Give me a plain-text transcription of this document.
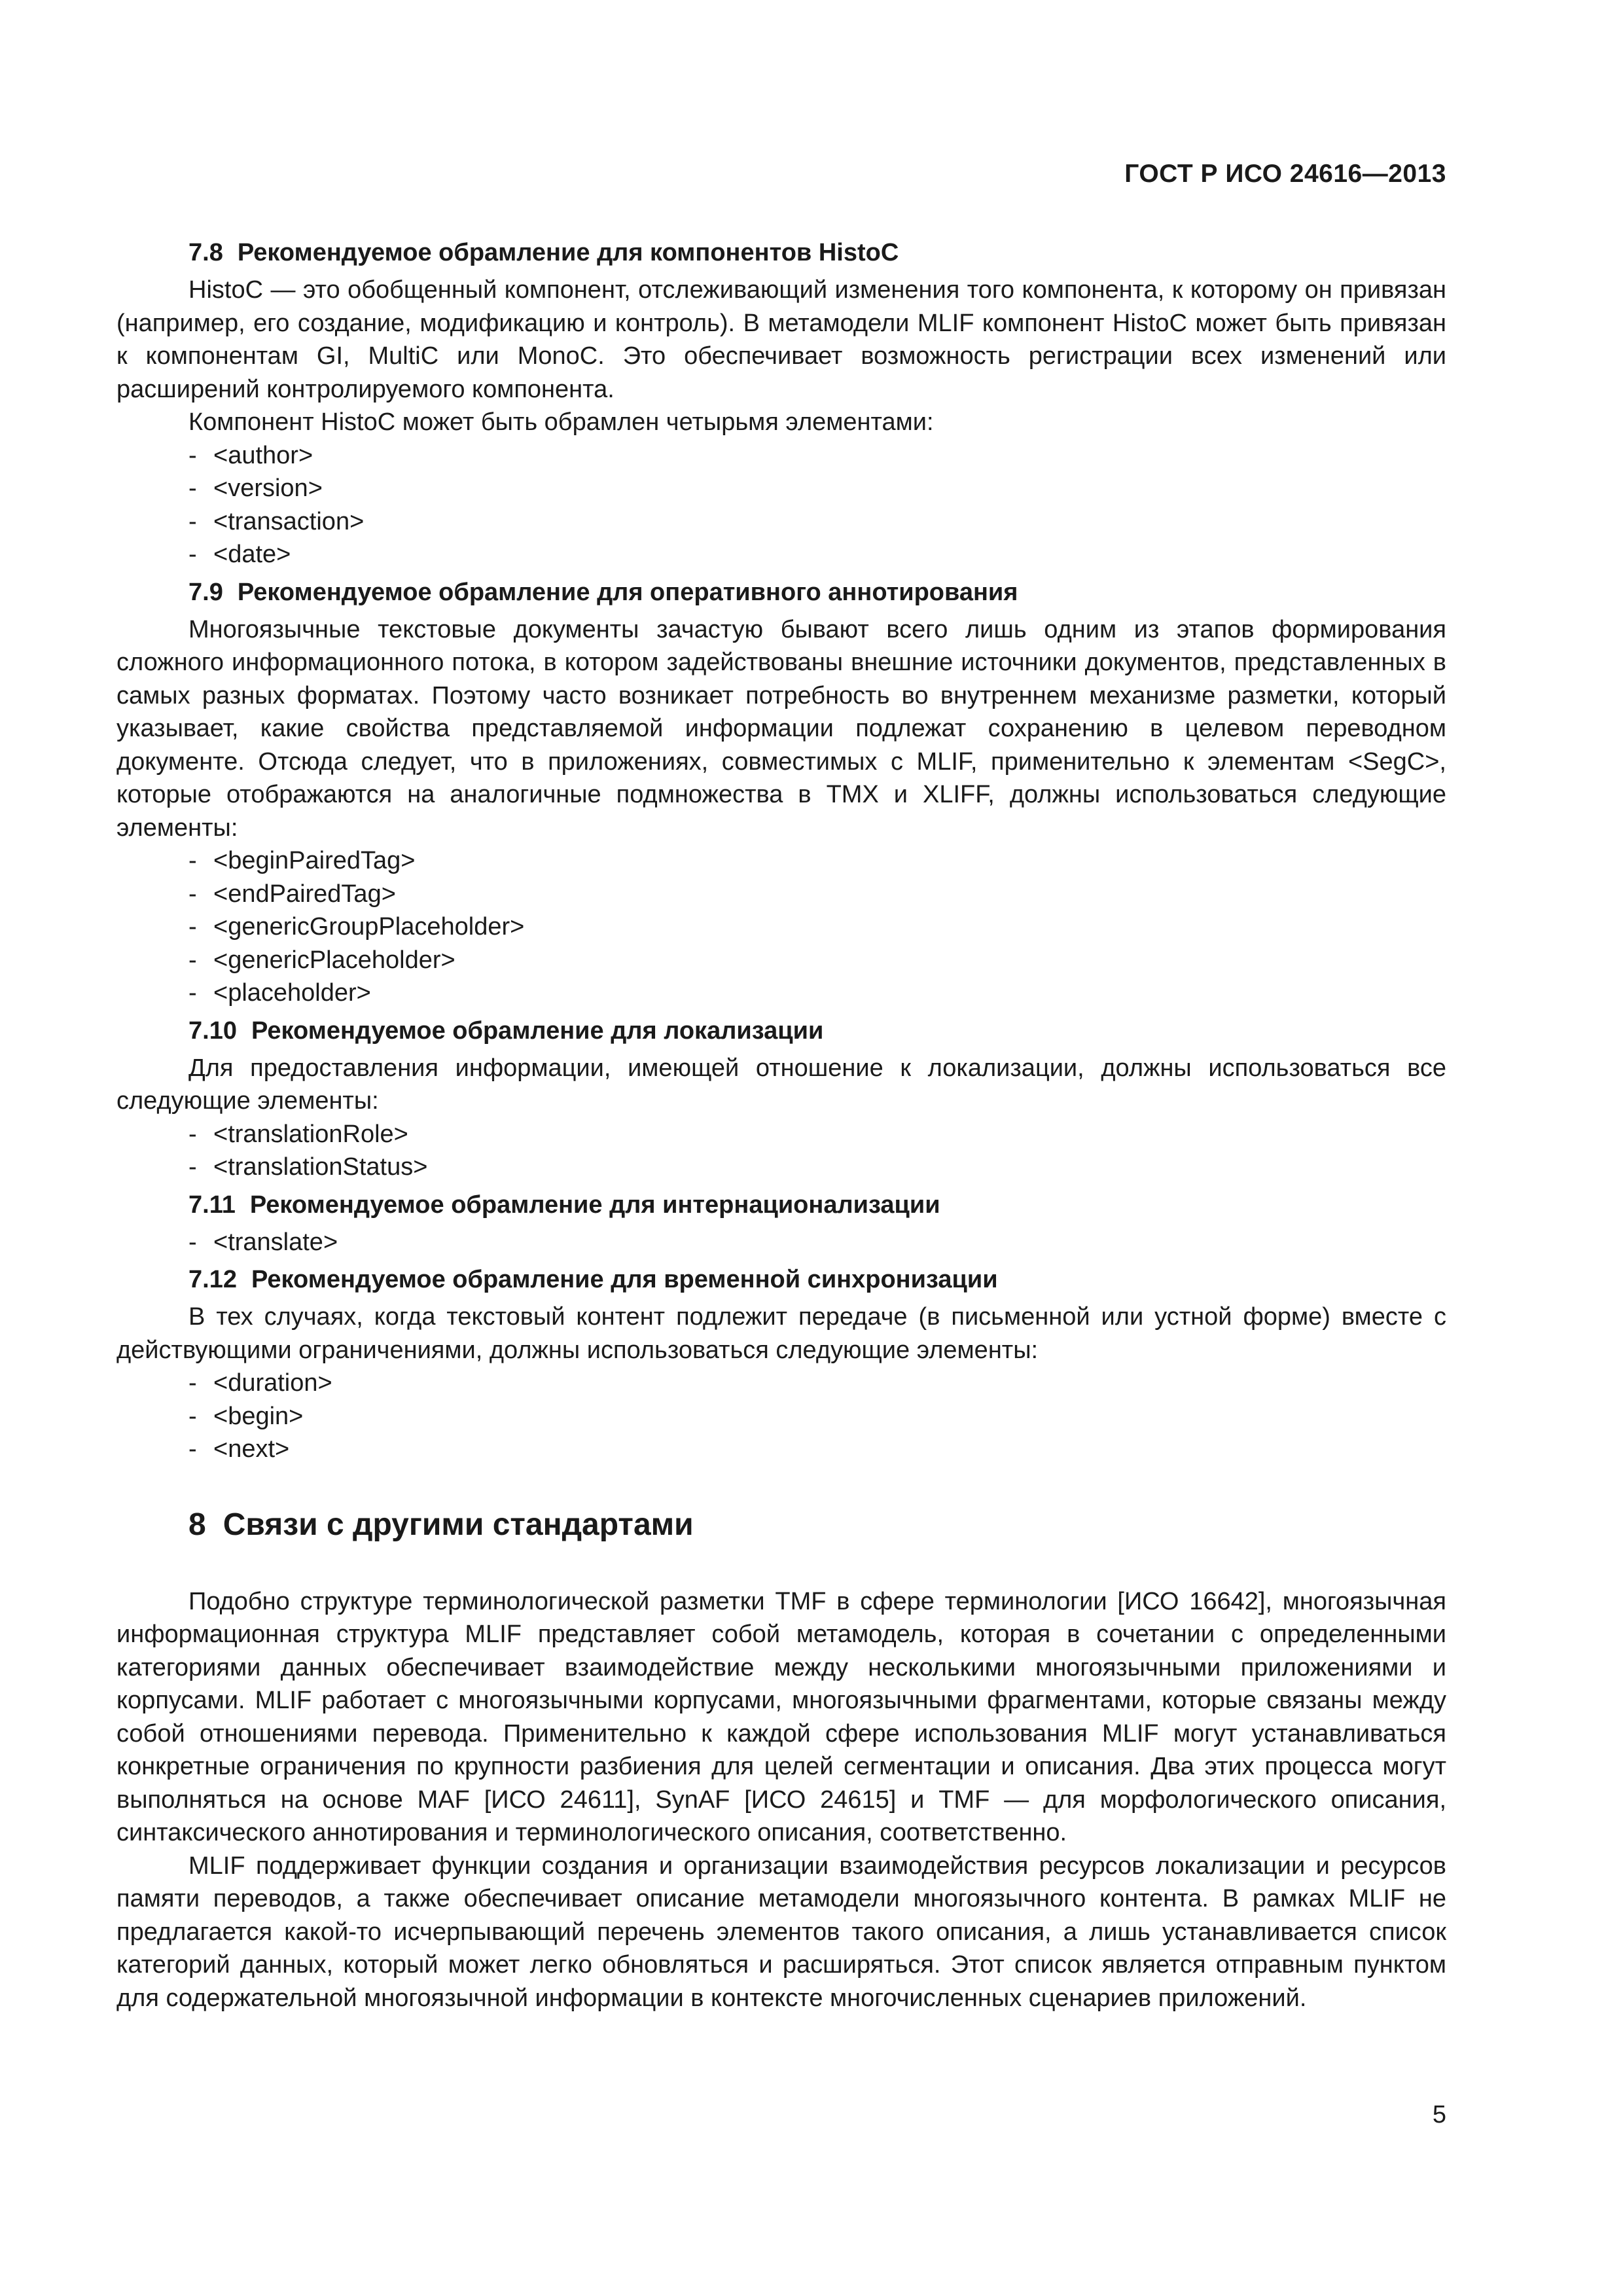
ГОСТ Р ИСО 24616—2013
7.8 Рекомендуемое обрамление для компонентов HistoC

HistoC — это обобщенный компонент, отслеживающий изменения того компонента, к которому он привязан (например, его создание, модификацию и контроль). В метамодели MLIF компонент HistoC может быть привязан к компонентам GI, MultiC или MonoC. Это обеспечивает возможность регистрации всех изменений или расширений контролируемого компонента.

Компонент HistoC может быть обрамлен четырьмя элементами:

- <author>
- <version>
- <transaction>
- <date>
7.9 Рекомендуемое обрамление для оперативного аннотирования

Многоязычные текстовые документы зачастую бывают всего лишь одним из этапов формирования сложного информационного потока, в котором задействованы внешние источники документов, представленных в самых разных форматах. Поэтому часто возникает потребность во внутреннем механизме разметки, который указывает, какие свойства представляемой информации подлежат сохранению в целевом переводном документе. Отсюда следует, что в приложениях, совместимых с MLIF, применительно к элементам <SegC>, которые отображаются на аналогичные подмножества в TMX и XLIFF, должны использоваться следующие элементы:

- <beginPairedTag>
- <endPairedTag>
- <genericGroupPlaceholder>
- <genericPlaceholder>
- <placeholder>
7.10 Рекомендуемое обрамление для локализации

Для предоставления информации, имеющей отношение к локализации, должны использоваться все следующие элементы:

- <translationRole>
- <translationStatus>
7.11 Рекомендуемое обрамление для интернационализации
- <translate>
7.12 Рекомендуемое обрамление для временной синхронизации

В тех случаях, когда текстовый контент подлежит передаче (в письменной или устной форме) вместе с действующими ограничениями, должны использоваться следующие элементы:

- <duration>
- <begin>
- <next>
8 Связи с другими стандартами

Подобно структуре терминологической разметки TMF в сфере терминологии [ИСО 16642], многоязычная информационная структура MLIF представляет собой метамодель, которая в сочетании с определенными категориями данных обеспечивает взаимодействие между несколькими многоязычными приложениями и корпусами. MLIF работает с многоязычными корпусами, многоязычными фрагментами, которые связаны между собой отношениями перевода. Применительно к каждой сфере использования MLIF могут устанавливаться конкретные ограничения по крупности разбиения для целей сегментации и описания. Два этих процесса могут выполняться на основе MAF [ИСО 24611], SynAF [ИСО 24615] и TMF — для морфологического описания, синтаксического аннотирования и терминологического описания, соответственно.

MLIF поддерживает функции создания и организации взаимодействия ресурсов локализации и ресурсов памяти переводов, а также обеспечивает описание метамодели многоязычного контента. В рамках MLIF не предлагается какой-то исчерпывающий перечень элементов такого описания, а лишь устанавливается список категорий данных, который может легко обновляться и расширяться. Этот список является отправным пунктом для содержательной многоязычной информации в контексте многочисленных сценариев приложений.

5
